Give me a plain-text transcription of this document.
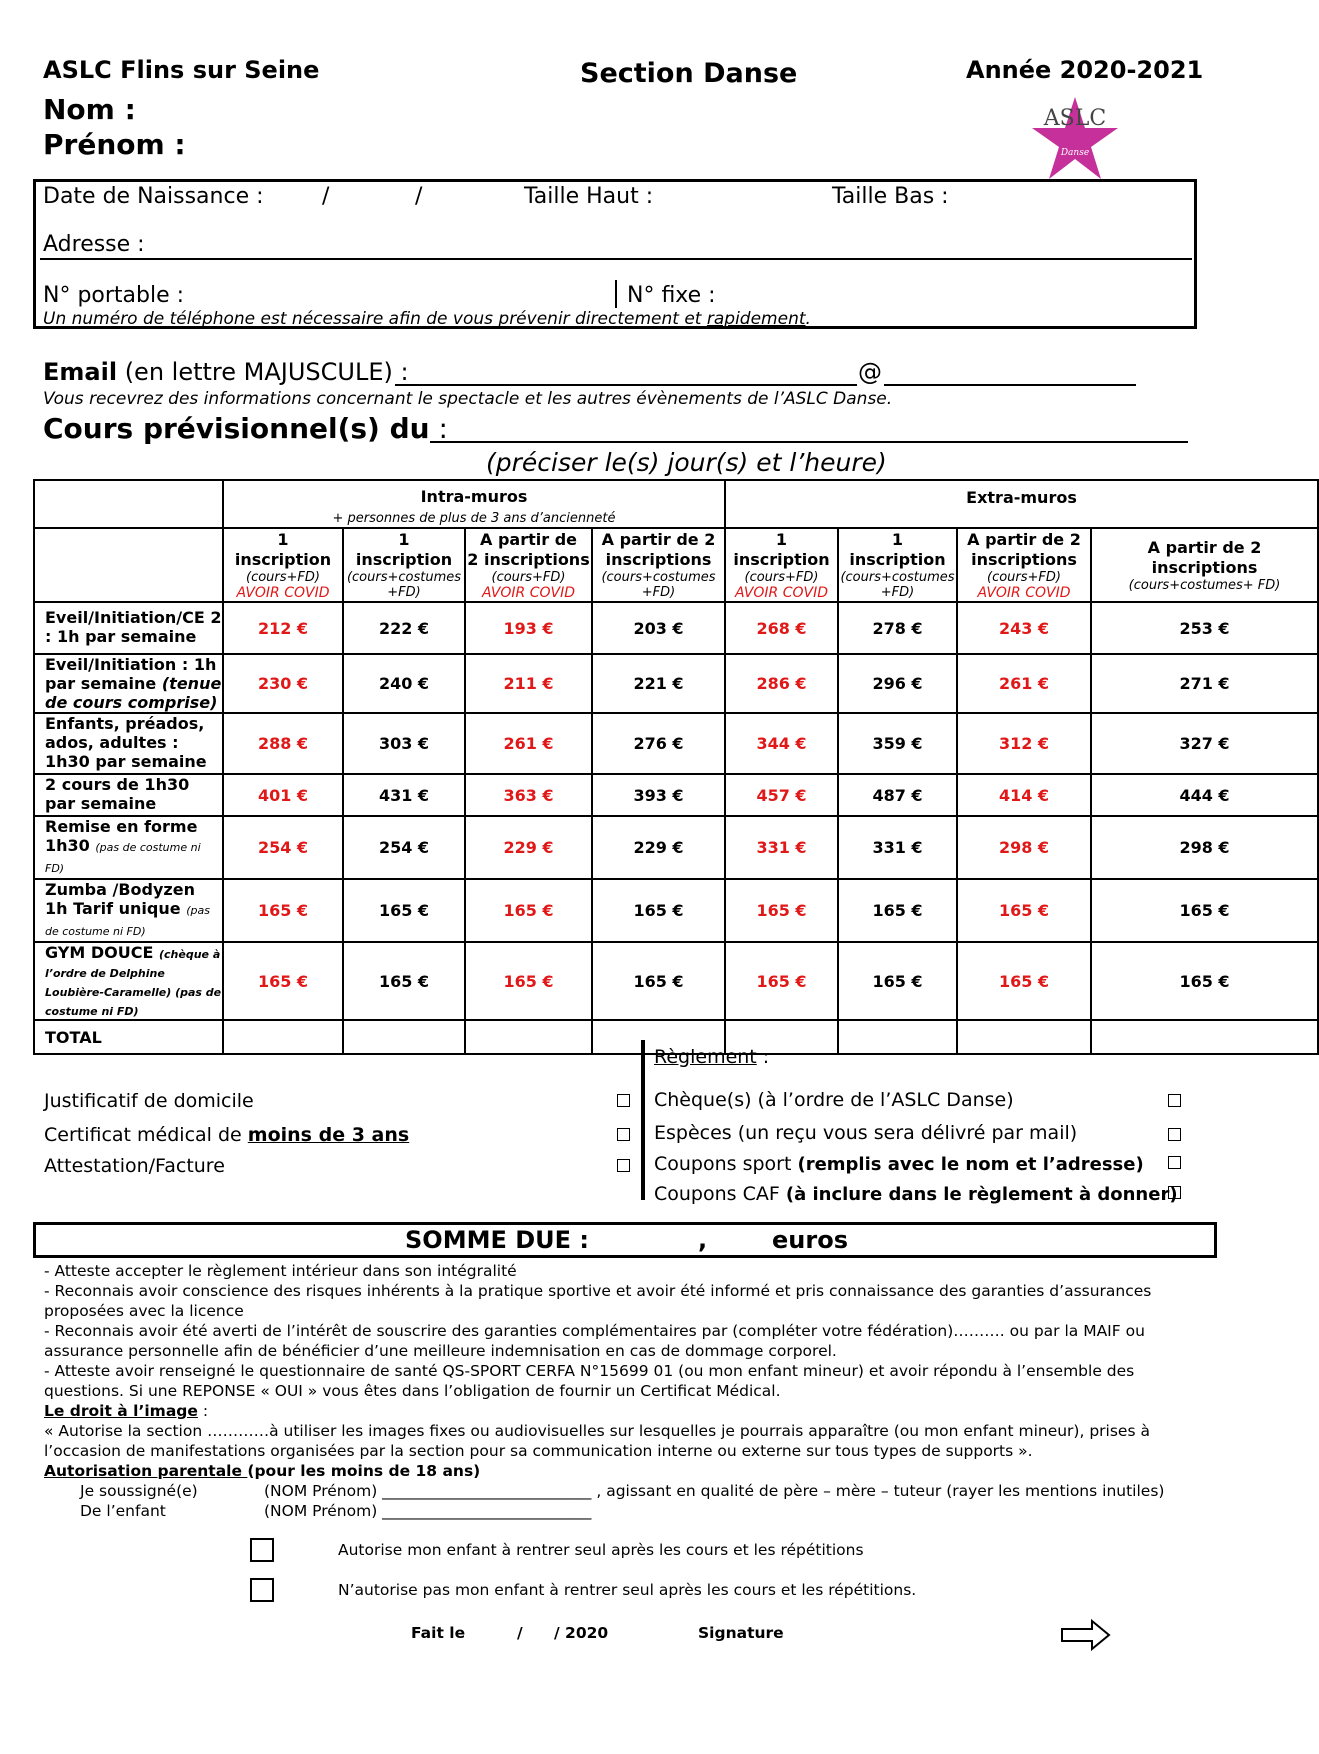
ASLC Flins sur Seine	Section Danse	Année 2020-2021
Nom :
Prénom :
ASLC
Danse
Date de Naissance :	/	/	Taille Haut :	Taille Bas :
Adresse :
N° portable :	N° fixe :
Un numéro de téléphone est nécessaire afin de vous prévenir directement et rapidement.
Email (en lettre MAJUSCULE) :	@
Vous recevrez des informations concernant le spectacle et les autres évènements de l’ASLC Danse.
Cours prévisionnel(s) du :
(préciser le(s) jour(s) et l’heure)
	Intra-muros
+ personnes de plus de 3 ans d’ancienneté				Extra-muros			

	1
inscription
(cours+FD)
AVOIR COVID	1
inscription
(cours+costumes +FD)	A partir de
2 inscriptions
(cours+FD)
AVOIR COVID	A partir de 2
inscriptions
(cours+costumes +FD)	1
inscription
(cours+FD)
AVOIR COVID	1
inscription
(cours+costumes +FD)	A partir de 2
inscriptions
(cours+FD)
AVOIR COVID	A partir de 2
inscriptions
(cours+costumes+ FD)

Eveil/Initiation/CE 2 : 1h par semaine	212 €	222 €	193 €	203 €	268 €	278 €	243 €	253 €
Eveil/Initiation : 1h par semaine (tenue de cours comprise)	230 €	240 €	211 €	221 €	286 €	296 €	261 €	271 €
Enfants, préados, ados, adultes : 1h30 par semaine	288 €	303 €	261 €	276 €	344 €	359 €	312 €	327 €
2 cours de 1h30 par semaine	401 €	431 €	363 €	393 €	457 €	487 €	414 €	444 €
Remise en forme 1h30 (pas de costume ni FD)	254 €	254 €	229 €	229 €	331 €	331 €	298 €	298 €
Zumba /Bodyzen 1h Tarif unique (pas de costume ni FD)	165 €	165 €	165 €	165 €	165 €	165 €	165 €	165 €
GYM DOUCE (chèque à l’ordre de Delphine Loubière-Caramelle) (pas de costume ni FD)	165 €	165 €	165 €	165 €	165 €	165 €	165 €	165 €
TOTAL								
Justificatif de domicile
Certificat médical de moins de 3 ans
Attestation/Facture
Règlement :
Chèque(s) (à l’ordre de l’ASLC Danse)
Espèces (un reçu vous sera délivré par mail)
Coupons sport (remplis avec le nom et l’adresse)
Coupons CAF (à inclure dans le règlement à donner)
SOMME DUE :	,	euros
- Atteste accepter le règlement intérieur dans son intégralité
- Reconnais avoir conscience des risques inhérents à la pratique sportive et avoir été informé et pris connaissance des garanties d’assurances proposées avec la licence
- Reconnais avoir été averti de l’intérêt de souscrire des garanties complémentaires par (compléter votre fédération)………. ou par la MAIF ou assurance personnelle afin de bénéficier d’une meilleure indemnisation en cas de dommage corporel.
- Atteste avoir renseigné le questionnaire de santé QS-SPORT CERFA N°15699 01 (ou mon enfant mineur) et avoir répondu à l’ensemble des questions. Si une REPONSE « OUI » vous êtes dans l’obligation de fournir un Certificat Médical.
Le droit à l’image :
« Autorise la section …………à utiliser les images fixes ou audiovisuelles sur lesquelles je pourrais apparaître (ou mon enfant mineur), prises à l’occasion de manifestations organisées par la section pour sa communication interne ou externe sur tous types de supports ».
Autorisation parentale (pour les moins de 18 ans)
Je soussigné(e)	(NOM Prénom) ___________________________ , agissant en qualité de père – mère – tuteur (rayer les mentions inutiles)
De l’enfant	(NOM Prénom) ___________________________
Autorise mon enfant à rentrer seul après les cours et les répétitions
N’autorise pas mon enfant à rentrer seul après les cours et les répétitions.
Fait le	/ / 2020	Signature
